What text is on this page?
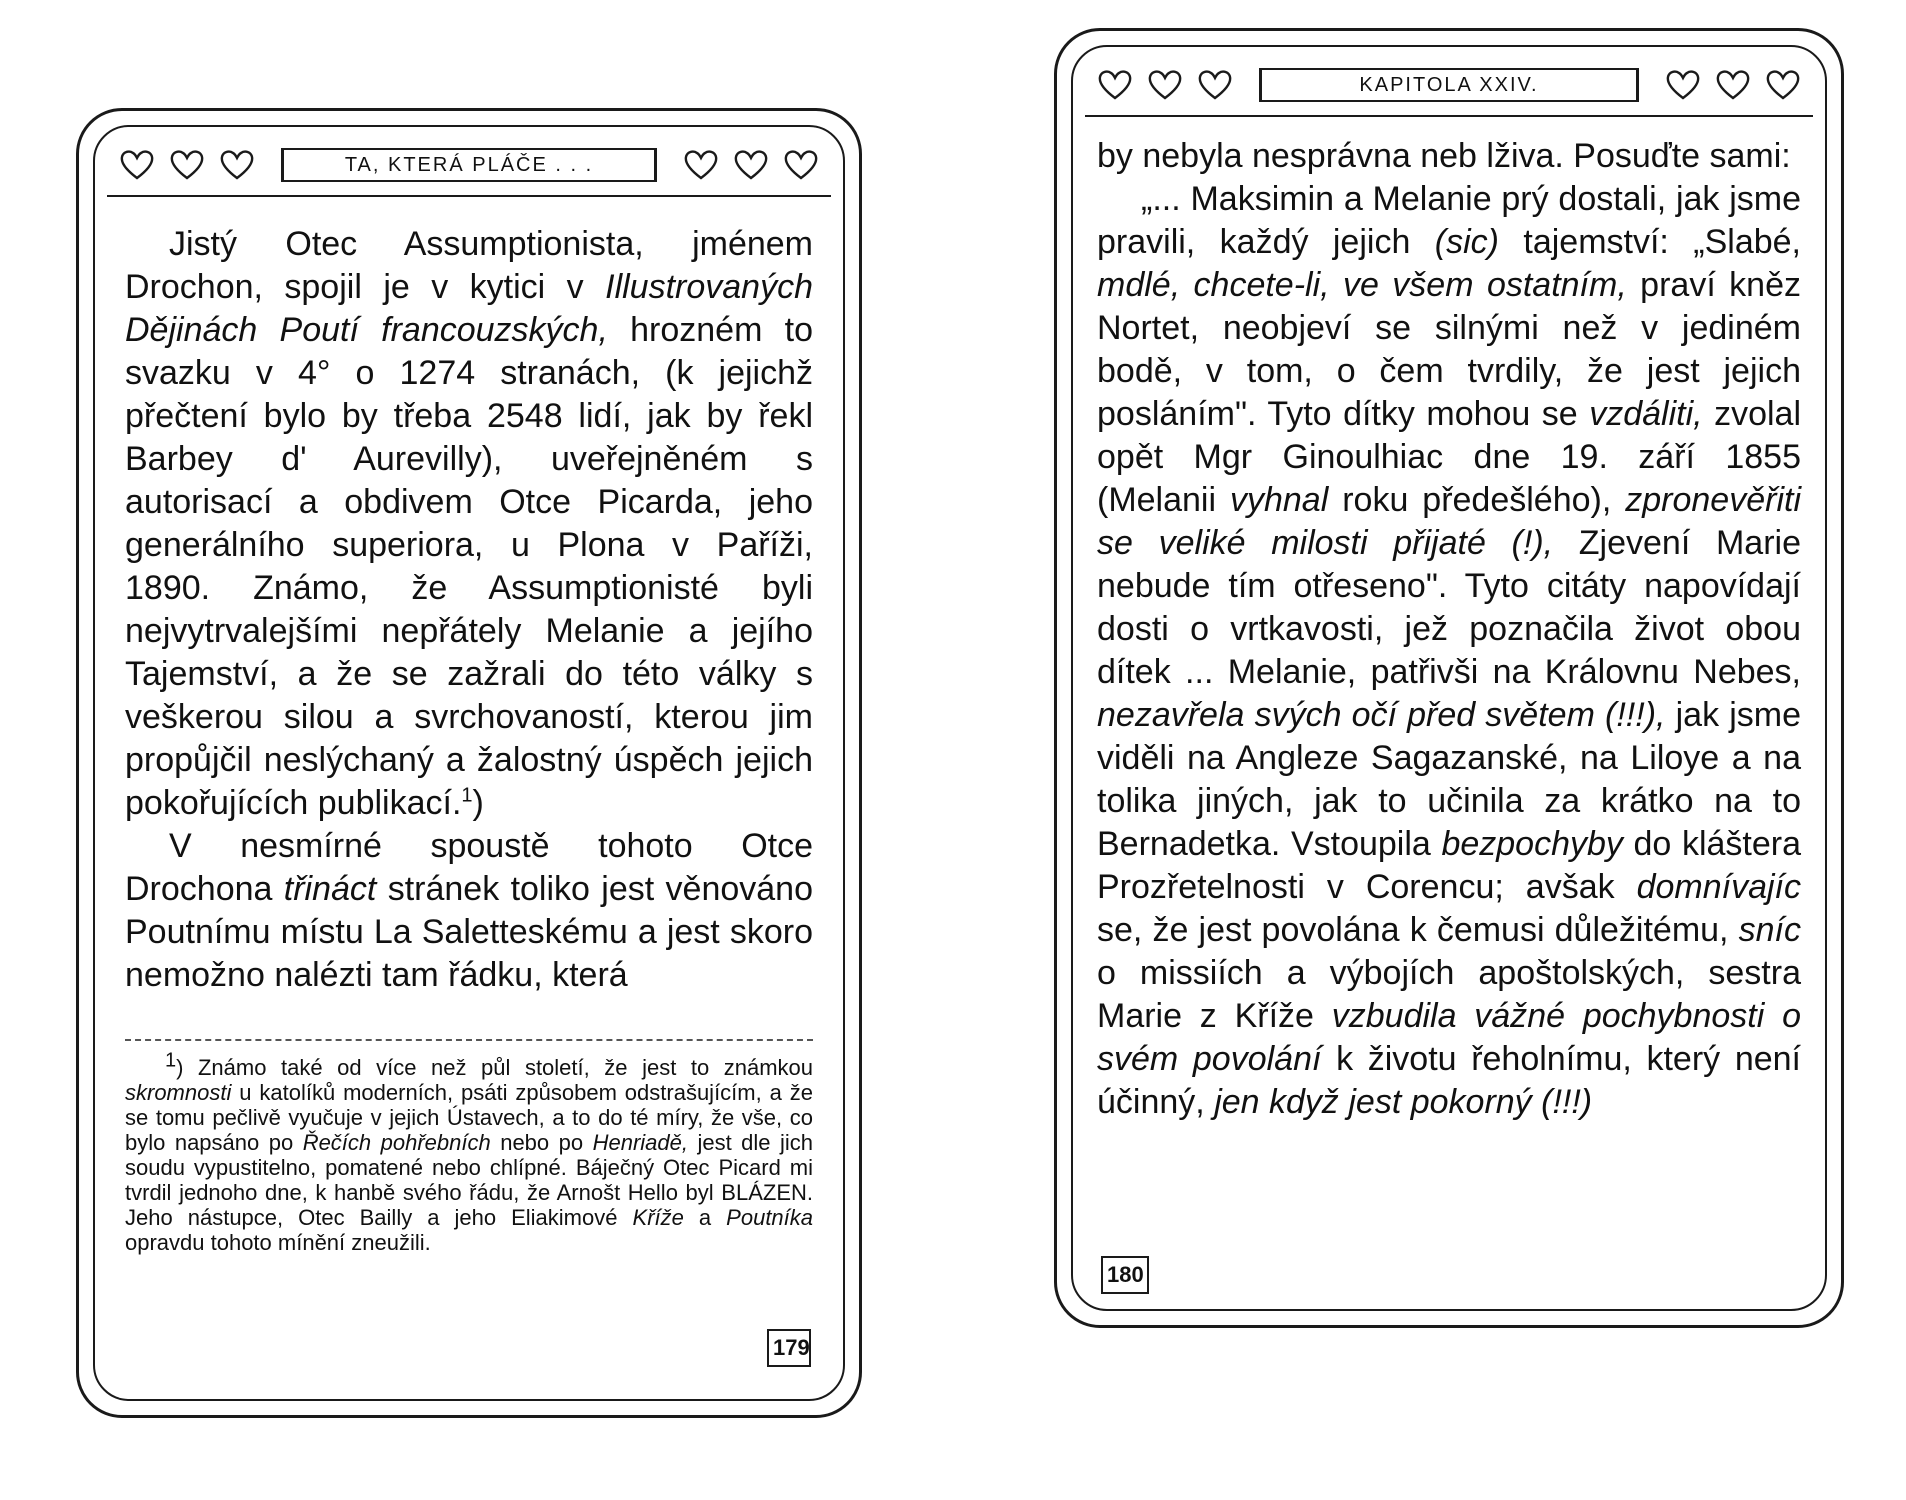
TA, KTERÁ PLÁČE . . .

Jistý Otec Assumptionista, jménem Drochon, spojil je v kytici v Illustrovaných Dějinách Poutí francouzských, hrozném to svazku v 4° o 1274 stranách, (k jejichž přečtení bylo by třeba 2548 lidí, jak by řekl Barbey d' Aurevilly), uveřejněném s autorisací a obdivem Otce Picarda, jeho generálního superiora, u Plona v Paříži, 1890. Známo, že Assumptionisté byli nejvytrvalejšími nepřátely Melanie a jejího Tajemství, a že se zažrali do této války s veškerou silou a svrchovaností, kterou jim propůjčil neslýchaný a žalostný úspěch jejich pokořujících publikací.$^1$)

V nesmírné spoustě tohoto Otce Drochona třináct stránek toliko jest věnováno Poutnímu místu La Saletteskému a jest skoro nemožno nalézti tam řádku, která

$^1$) Známo také od více než půl století, že jest to známkou skromnosti u katolíků moderních, psáti způsobem odstrašujícím, a že se tomu pečlivě vyučuje v jejich Ústavech, a to do té míry, že vše, co bylo napsáno po Řečích pohřebních nebo po Henriadě, jest dle jich soudu vypustitelno, pomatené nebo chlípné. Báječný Otec Picard mi tvrdil jednoho dne, k hanbě svého řádu, že Arnošt Hello byl BLÁZEN. Jeho nástupce, Otec Bailly a jeho Eliakimové Kříže a Poutníka opravdu tohoto mínění zneužili.

179
KAPITOLA XXIV.

by nebyla nesprávna neb lživa. Posuďte sami:

„... Maksimin a Melanie prý dostali, jak jsme pravili, každý jejich (sic) tajemství: „Slabé, mdlé, chcete-li, ve všem ostatním, praví kněz Nortet, neobjeví se silnými než v jediném bodě, v tom, o čem tvrdily, že jest jejich posláním". Tyto dítky mohou se vzdáliti, zvolal opět Mgr Ginoulhiac dne 19. září 1855 (Melanii vyhnal roku předešlého), zpronevěřiti se veliké milosti přijaté (!), Zjevení Marie nebude tím otřeseno". Tyto citáty napovídají dosti o vrtkavosti, jež poznačila život obou dítek ... Melanie, patřivši na Královnu Nebes, nezavřela svých očí před světem (!!!), jak jsme viděli na Angleze Sagazanské, na Liloye a na tolika jiných, jak to učinila za krátko na to Bernadetka. Vstoupila bezpochyby do kláštera Prozřetelnosti v Corencu; avšak domnívajíc se, že jest povolána k čemusi důležitému, sníc o missiích a výbojích apoštolských, sestra Marie z Kříže vzbudila vážné pochybnosti o svém povolání k životu řeholnímu, který není účinný, jen když jest pokorný (!!!)

180
